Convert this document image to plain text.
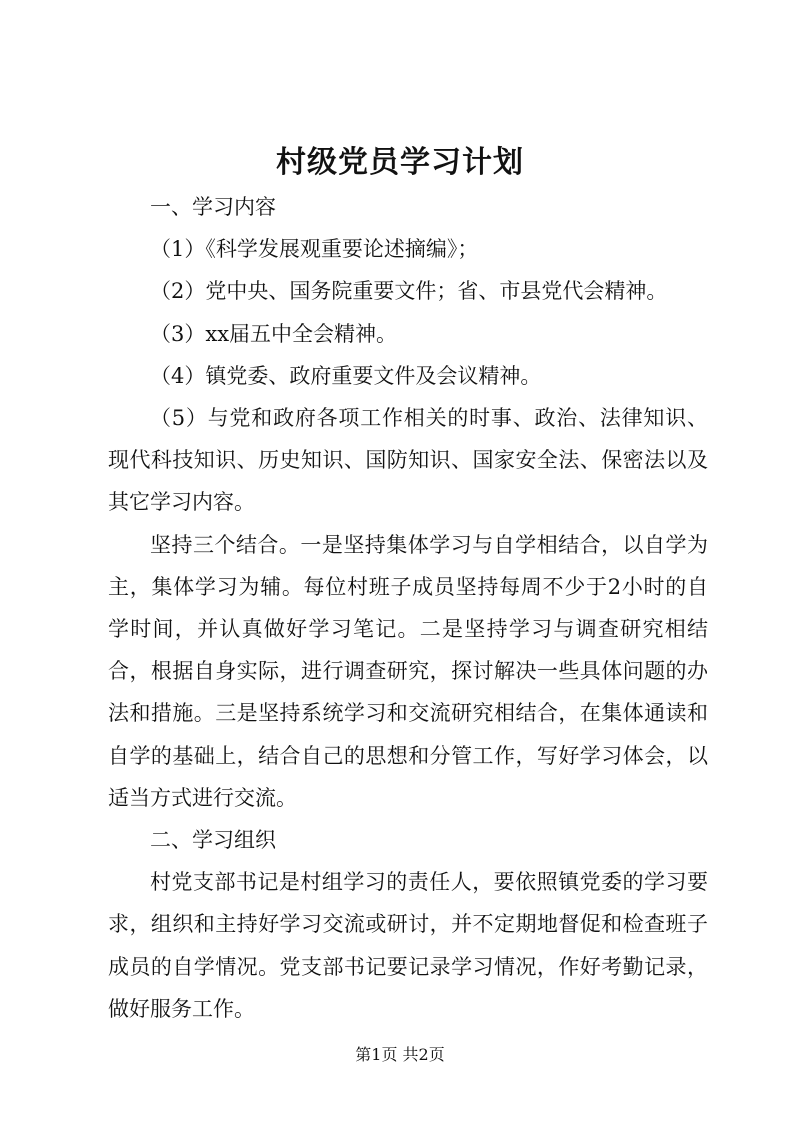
村级党员学习计划

一、学习内容

（1）《科学发展观重要论述摘编》；

（2）党中央、国务院重要文件；省、市县党代会精神。

（3）xx届五中全会精神。

（4）镇党委、政府重要文件及会议精神。

（5）与党和政府各项工作相关的时事、政治、法律知识、现代科技知识、历史知识、国防知识、国家安全法、保密法以及其它学习内容。

坚持三个结合。一是坚持集体学习与自学相结合，以自学为主，集体学习为辅。每位村班子成员坚持每周不少于2小时的自学时间，并认真做好学习笔记。二是坚持学习与调查研究相结合，根据自身实际，进行调查研究，探讨解决一些具体问题的办法和措施。三是坚持系统学习和交流研究相结合，在集体通读和自学的基础上，结合自己的思想和分管工作，写好学习体会，以适当方式进行交流。

二、学习组织

村党支部书记是村组学习的责任人，要依照镇党委的学习要求，组织和主持好学习交流或研讨，并不定期地督促和检查班子成员的自学情况。党支部书记要记录学习情况，作好考勤记录，做好服务工作。

第1页 共2页
